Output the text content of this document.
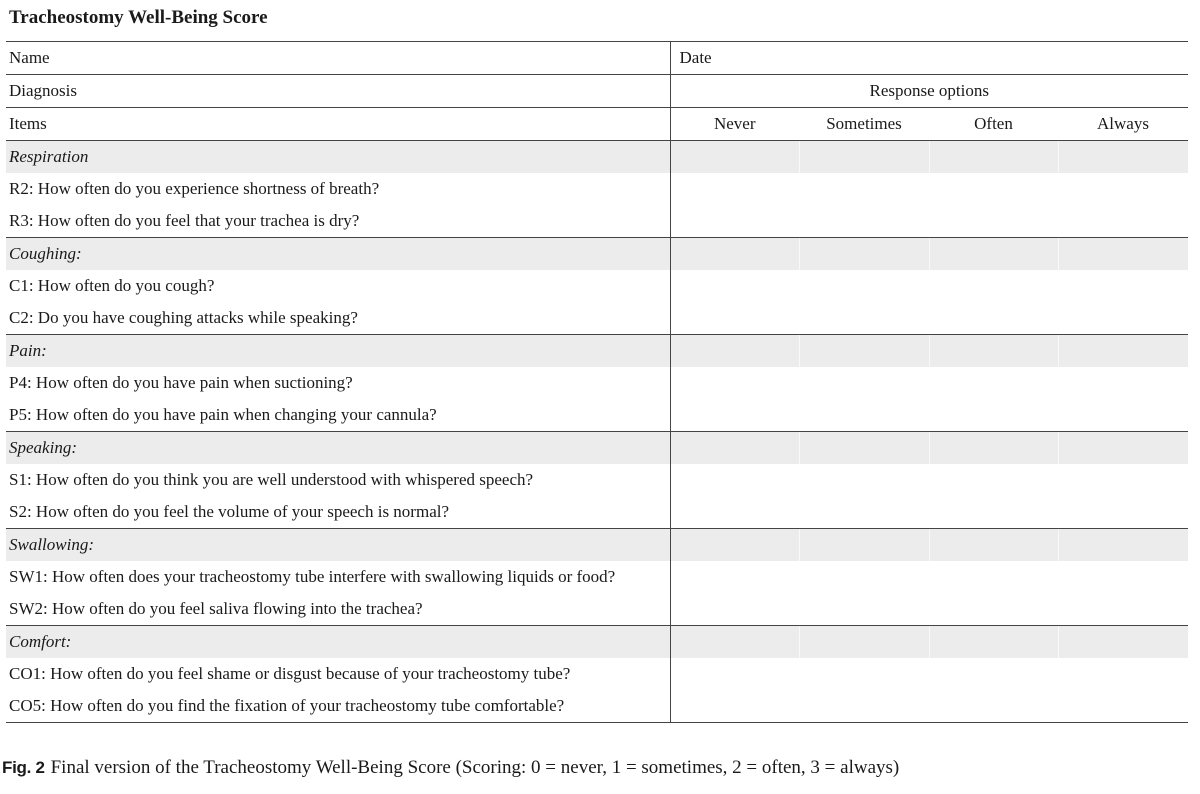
Tracheostomy Well-Being Score
Name	Date			
Diagnosis	Response options			
Items	Never	Sometimes	Often	Always
Respiration				
R2: How often do you experience shortness of breath?				
R3: How often do you feel that your trachea is dry?				
Coughing:				
C1: How often do you cough?				
C2: Do you have coughing attacks while speaking?				
Pain:				
P4: How often do you have pain when suctioning?				
P5: How often do you have pain when changing your cannula?				
Speaking:				
S1: How often do you think you are well understood with whispered speech?				
S2: How often do you feel the volume of your speech is normal?				
Swallowing:				
SW1: How often does your tracheostomy tube interfere with swallowing liquids or food?				
SW2: How often do you feel saliva flowing into the trachea?				
Comfort:				
CO1: How often do you feel shame or disgust because of your tracheostomy tube?				
CO5: How often do you find the fixation of your tracheostomy tube comfortable?				
Fig. 2 Final version of the Tracheostomy Well-Being Score (Scoring: 0 = never, 1 = sometimes, 2 = often, 3 = always)
